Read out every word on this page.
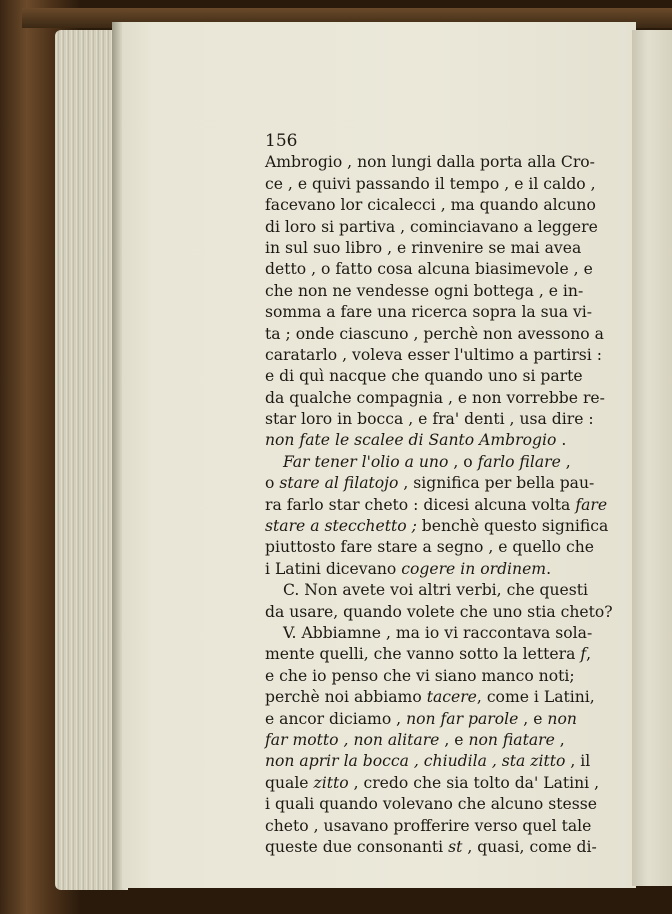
156
Ambrogio , non lungi dalla porta alla Cro-
ce , e quivi passando il tempo , e il caldo ,
facevano lor cicalecci , ma quando alcuno
di loro si partiva , cominciavano a leggere
in sul suo libro , e rinvenire se mai avea
detto , o fatto cosa alcuna biasimevole , e
che non ne vendesse ogni bottega , e in-
somma a fare una ricerca sopra la sua vi-
ta ; onde ciascuno , perchè non avessono a
caratarlo , voleva esser l'ultimo a partirsi :
e di quì nacque che quando uno si parte
da qualche compagnia , e non vorrebbe re-
star loro in bocca , e fra' denti , usa dire :
non fate le scalee di Santo Ambrogio .
Far tener l'olio a uno , o farlo filare ,
o stare al filatojo , significa per bella pau-
ra farlo star cheto : dicesi alcuna volta fare
stare a stecchetto ; benchè questo significa
piuttosto fare stare a segno , e quello che
i Latini dicevano cogere in ordinem.
C. Non avete voi altri verbi, che questi
da usare, quando volete che uno stia cheto?
V. Abbiamne , ma io vi raccontava sola-
mente quelli, che vanno sotto la lettera f,
e che io penso che vi siano manco noti;
perchè noi abbiamo tacere, come i Latini,
e ancor diciamo , non far parole , e non
far motto , non alitare , e non fiatare ,
non aprir la bocca , chiudila , sta zitto , il
quale zitto , credo che sia tolto da' Latini ,
i quali quando volevano che alcuno stesse
cheto , usavano profferire verso quel tale
queste due consonanti st , quasi, come di-
